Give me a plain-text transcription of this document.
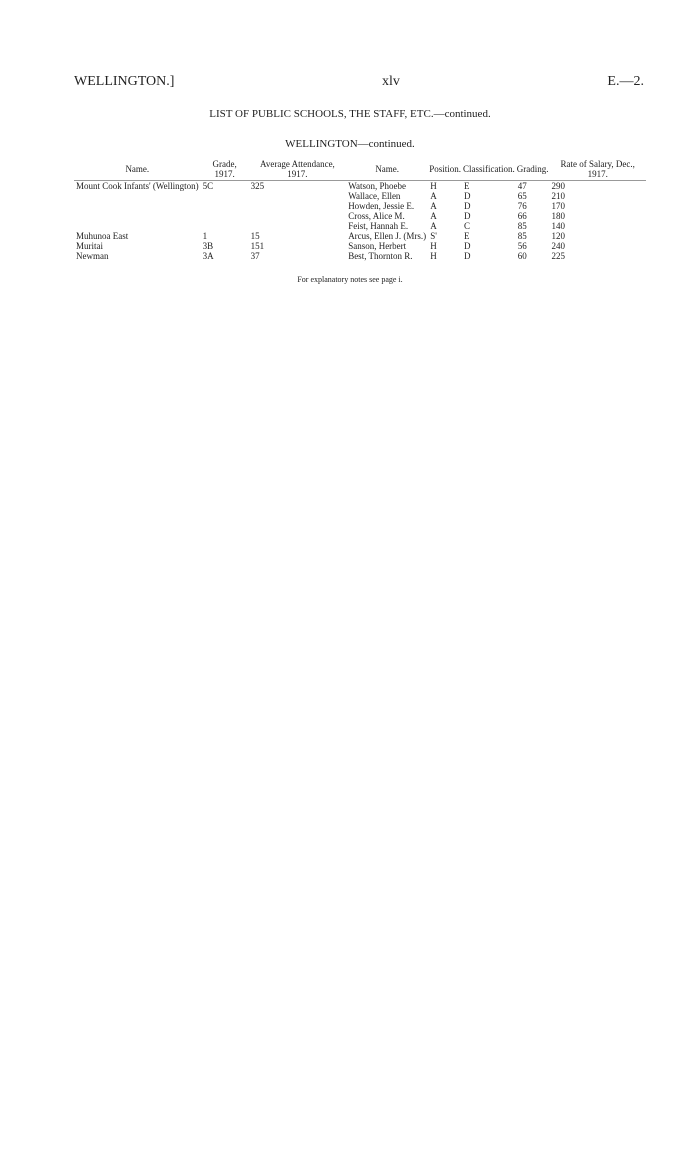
WELLINGTON.]	xlv	E.—2.
LIST OF PUBLIC SCHOOLS, THE STAFF, ETC.—continued.
WELLINGTON—continued.
Name.	Grade, 1917.	Average Attendance, 1917.	Name.	Position.	Classification.	Grading.	Rate of Salary, Dec., 1917.
Mount Cook Infants' (Wellington)	5C	325	Watson, Phoebe	H	E	47	290
			Wallace, Ellen	A	D	65	210
			Howden, Jessie E.	A	D	76	170
			Cross, Alice M.	A	D	66	180
			Feist, Hannah E.	A	C	85	140
Muhunoa East	1	15	Arcus, Ellen J. (Mrs.)	S'	E	85	120
Muritai	3B	151	Sanson, Herbert	H	D	56	240
Newman	3A	37	Best, Thornton R.	H	D	60	225
For explanatory notes see page i.
